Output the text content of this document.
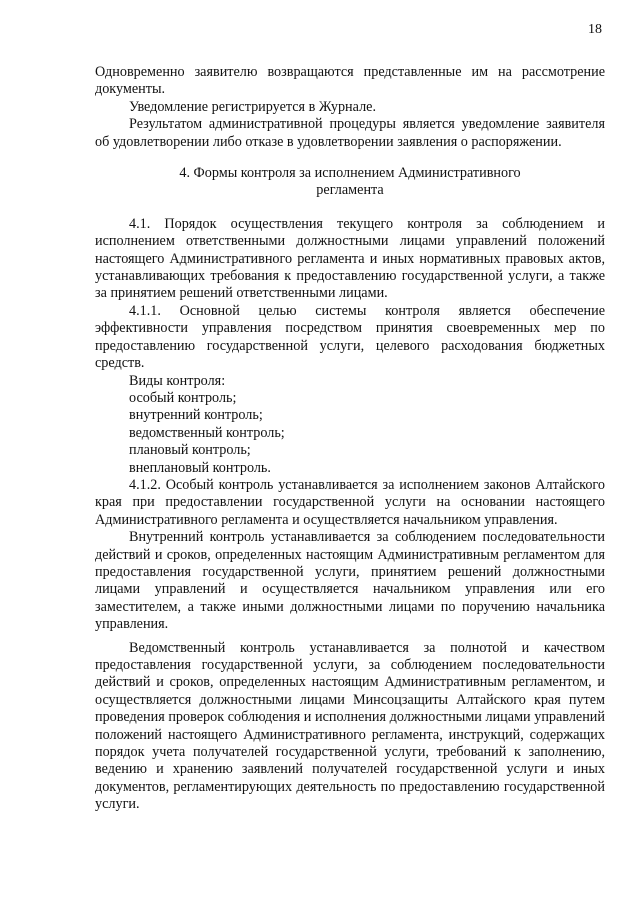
18

Одновременно заявителю возвращаются представленные им на рассмотрение документы.

Уведомление регистрируется в Журнале.

Результатом административной процедуры является уведомление заявителя об удовлетворении либо отказе в удовлетворении заявления о распоряжении.

4. Формы контроля за исполнением Административного регламента

4.1. Порядок осуществления текущего контроля за соблюдением и исполнением ответственными должностными лицами управлений положений настоящего Административного регламента и иных нормативных правовых актов, устанавливающих требования к предоставлению государственной услуги, а также за принятием решений ответственными лицами.

4.1.1. Основной целью системы контроля является обеспечение эффективности управления посредством принятия своевременных мер по предоставлению государственной услуги, целевого расходования бюджетных средств.

Виды контроля:

особый контроль;

внутренний контроль;

ведомственный контроль;

плановый контроль;

внеплановый контроль.

4.1.2. Особый контроль устанавливается за исполнением законов Алтайского края при предоставлении государственной услуги на основании настоящего Административного регламента и осуществляется начальником управления.

Внутренний контроль устанавливается за соблюдением последовательности действий и сроков, определенных настоящим Административным регламентом для предоставления государственной услуги, принятием решений должностными лицами управлений и осуществляется начальником управления или его заместителем, а также иными должностными лицами по поручению начальника управления.

Ведомственный контроль устанавливается за полнотой и качеством предоставления государственной услуги, за соблюдением последовательности действий и сроков, определенных настоящим Административным регламентом, и осуществляется должностными лицами Минсоцзащиты Алтайского края путем проведения проверок соблюдения и исполнения должностными лицами управлений положений настоящего Административного регламента, инструкций, содержащих порядок учета получателей государственной услуги, требований к заполнению, ведению и хранению заявлений получателей государственной услуги и иных документов, регламентирующих деятельность по предоставлению государственной услуги.
